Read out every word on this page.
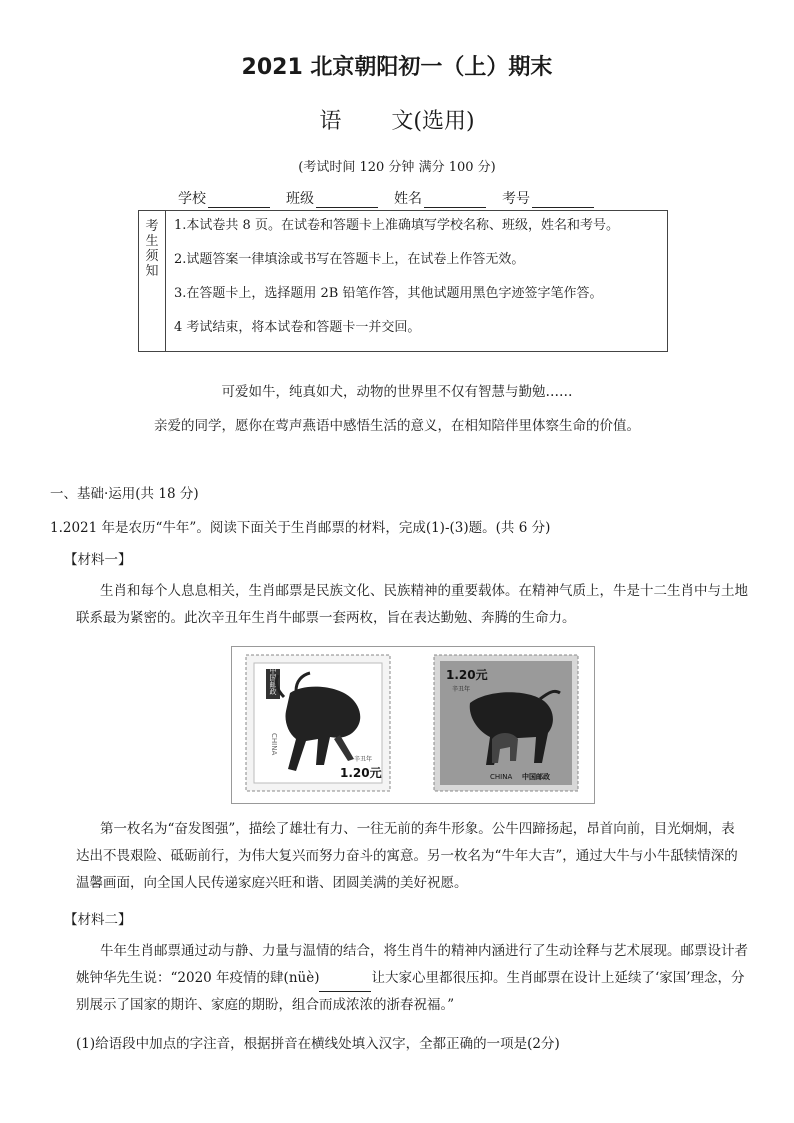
2021 北京朝阳初一（上）期末
语 文(选用)
(考试时间 120 分钟 满分 100 分)
学校	班级	姓名	考号
考
生
须
知
1.本试卷共 8 页。在试卷和答题卡上准确填写学校名称、班级，姓名和考号。
2.试题答案一律填涂或书写在答题卡上，在试卷上作答无效。
3.在答题卡上，选择题用 2B 铅笔作答，其他试题用黑色字迹签字笔作答。
4 考试结束，将本试卷和答题卡一并交回。
可爱如牛，纯真如犬，动物的世界里不仅有智慧与勤勉……
亲爱的同学，愿你在莺声燕语中感悟生活的意义，在相知陪伴里体察生命的价值。
一、基础·运用(共 18 分)
1.2021 年是农历“牛年”。阅读下面关于生肖邮票的材料，完成(1)-(3)题。(共 6 分)
【材料一】
生肖和每个人息息相关，生肖邮票是民族文化、民族精神的重要载体。在精神气质上，牛是十二生肖中与土地联系最为紧密的。此次辛丑年生肖牛邮票一套两枚，旨在表达勤勉、奔腾的生命力。
中国邮政
CHINA
辛丑年
1.20元
1.20元
辛丑年
CHINA 中国邮政
第一枚名为“奋发图强”，描绘了雄壮有力、一往无前的奔牛形象。公牛四蹄扬起，昂首向前，目光炯炯，表达出不畏艰险、砥砺前行，为伟大复兴而努力奋斗的寓意。另一枚名为“牛年大吉”，通过大牛与小牛舐犊情深的温馨画面，向全国人民传递家庭兴旺和谐、团圆美满的美好祝愿。
【材料二】
牛年生肖邮票通过动与静、力量与温情的结合，将生肖牛的精神内涵进行了生动诠释与艺术展现。邮票设计者姚钟华先生说：“2020 年疫情的肆(nüè)	让大家心里都很压抑。生肖邮票在设计上延续了‘家国’理念，分别展示了国家的期许、家庭的期盼，组合而成浓浓的浙春祝福。”
(1)给语段中加点的字注音，根据拼音在横线处填入汉字，全都正确的一项是(2分)
